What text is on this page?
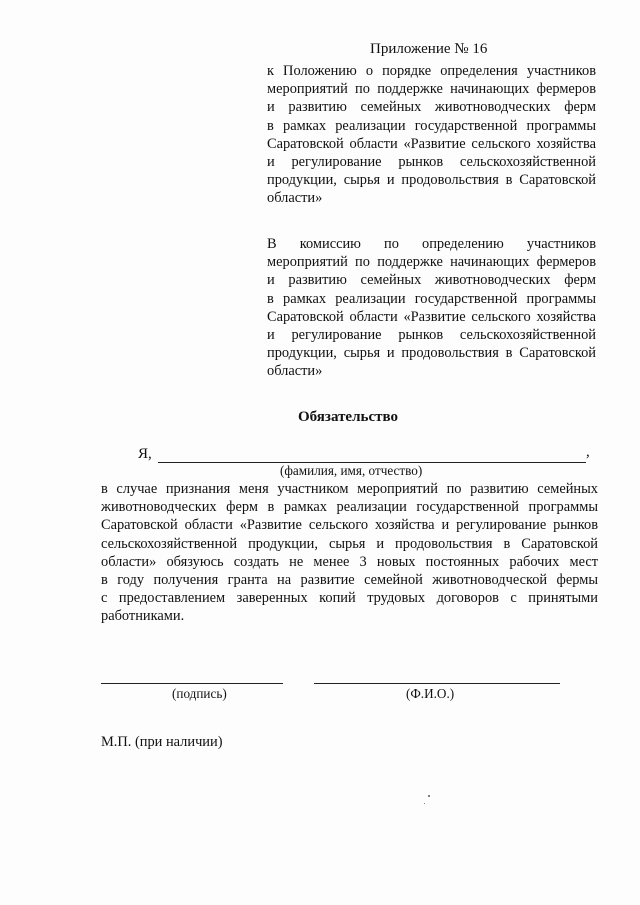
Приложение № 16
к Положению о порядке определения участников
мероприятий по поддержке начинающих фермеров
и развитию семейных животноводческих ферм
в рамках реализации государственной программы
Саратовской области «Развитие сельского хозяйства
и регулирование рынков сельскохозяйственной
продукции, сырья и продовольствия в Саратовской
области»
В комиссию по определению участников
мероприятий по поддержке начинающих фермеров
и развитию семейных животноводческих ферм
в рамках реализации государственной программы
Саратовской области «Развитие сельского хозяйства
и регулирование рынков сельскохозяйственной
продукции, сырья и продовольствия в Саратовской
области»
Обязательство
Я,	,
(фамилия, имя, отчество)
в случае признания меня участником мероприятий по развитию семейных
животноводческих ферм в рамках реализации государственной программы
Саратовской области «Развитие сельского хозяйства и регулирование рынков
сельскохозяйственной продукции, сырья и продовольствия в Саратовской
области» обязуюсь создать не менее 3 новых постоянных рабочих мест
в году получения гранта на развитие семейной животноводческой фермы
с предоставлением заверенных копий трудовых договоров с принятыми
работниками.
(подпись)	(Ф.И.О.)
М.П. (при наличии)
